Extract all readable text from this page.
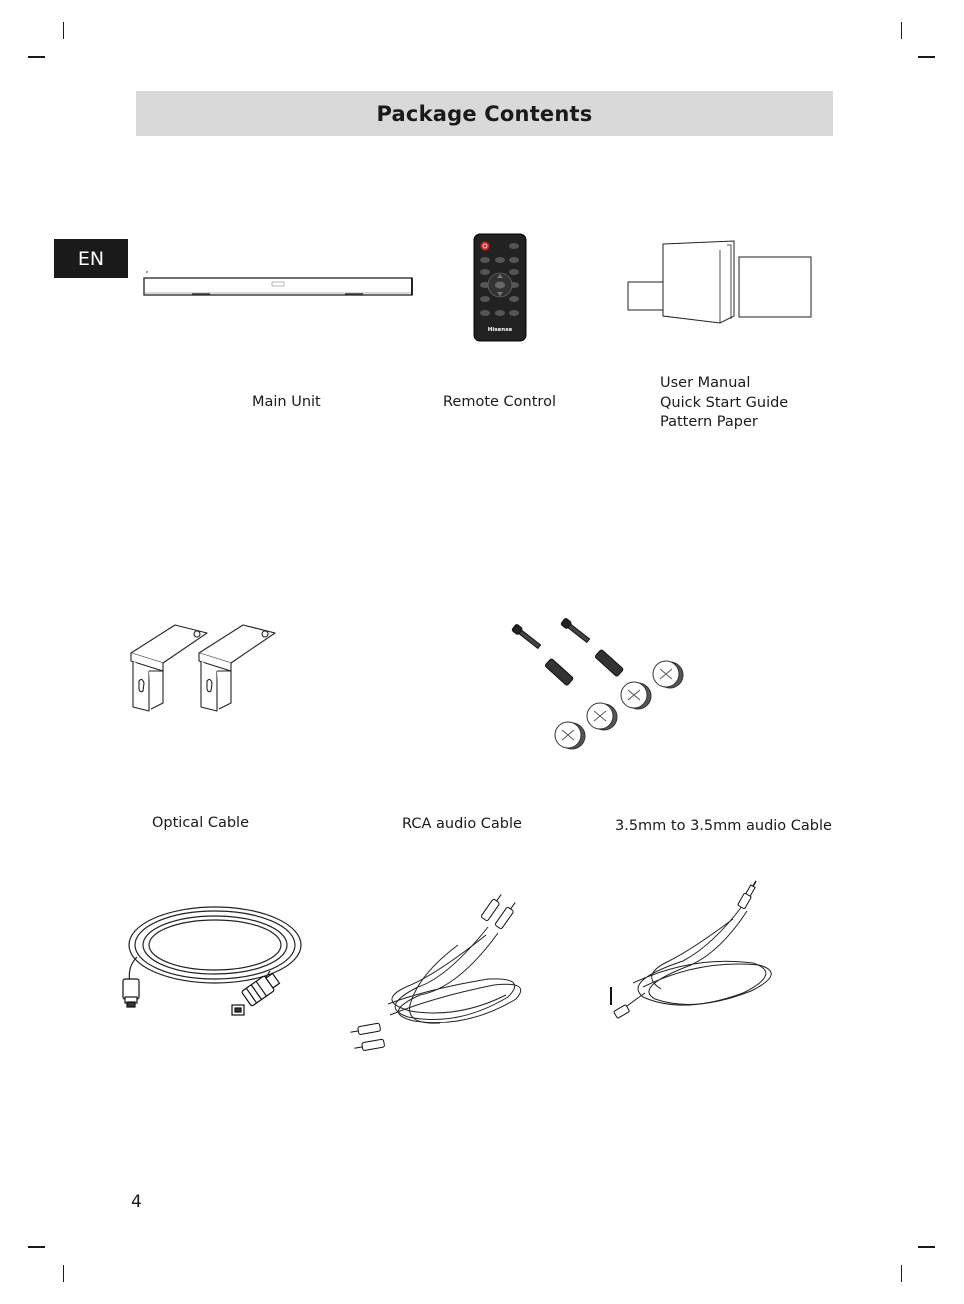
Package Contents
EN
Hisense
Main Unit	Remote Control
User Manual
Quick Start Guide
Pattern Paper
Optical Cable	RCA audio Cable	3.5mm to 3.5mm audio Cable
4
